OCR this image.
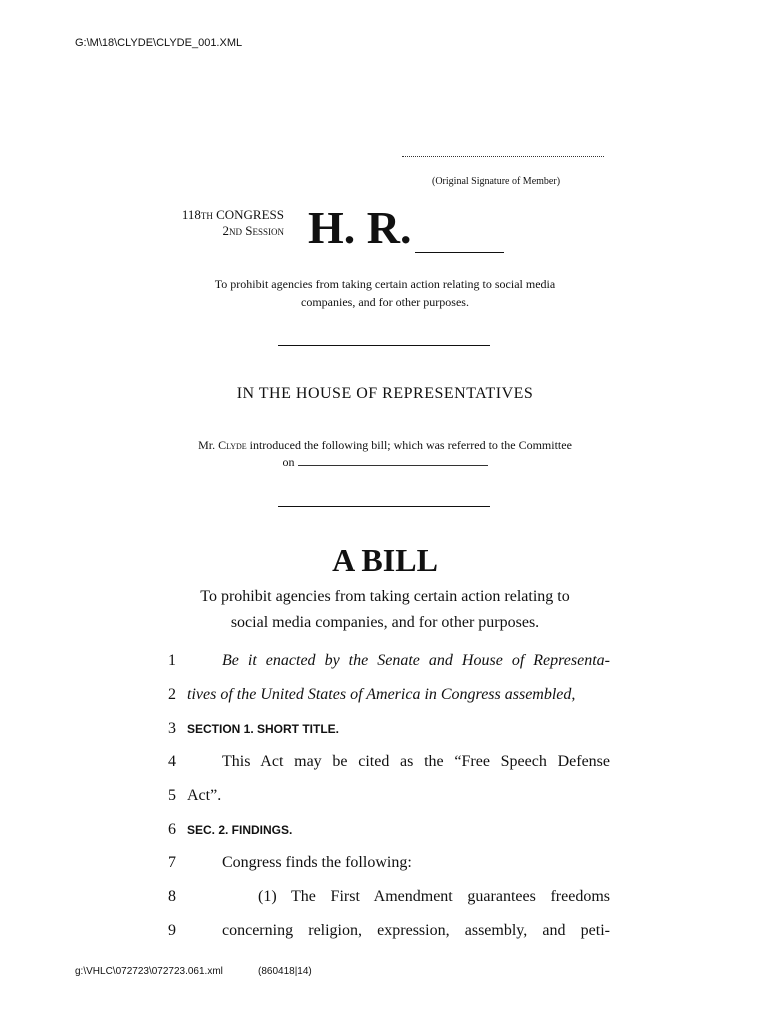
G:\M\18\CLYDE\CLYDE_001.XML
(Original Signature of Member)
118th CONGRESS
2nd Session H. R.
To prohibit agencies from taking certain action relating to social media
companies, and for other purposes.
IN THE HOUSE OF REPRESENTATIVES
Mr. Clyde introduced the following bill; which was referred to the Committee
on
A BILL
To prohibit agencies from taking certain action relating to
social media companies, and for other purposes.
1	Be it enacted by the Senate and House of Representa-
2 tives of the United States of America in Congress assembled,
3 SECTION 1. SHORT TITLE.
4	This Act may be cited as the “Free Speech Defense
5 Act”.
6 SEC. 2. FINDINGS.
7	Congress finds the following:
8	(1) The First Amendment guarantees freedoms
9	concerning religion, expression, assembly, and peti-
g:\VHLC\072723\072723.061.xml	(860418|14)
